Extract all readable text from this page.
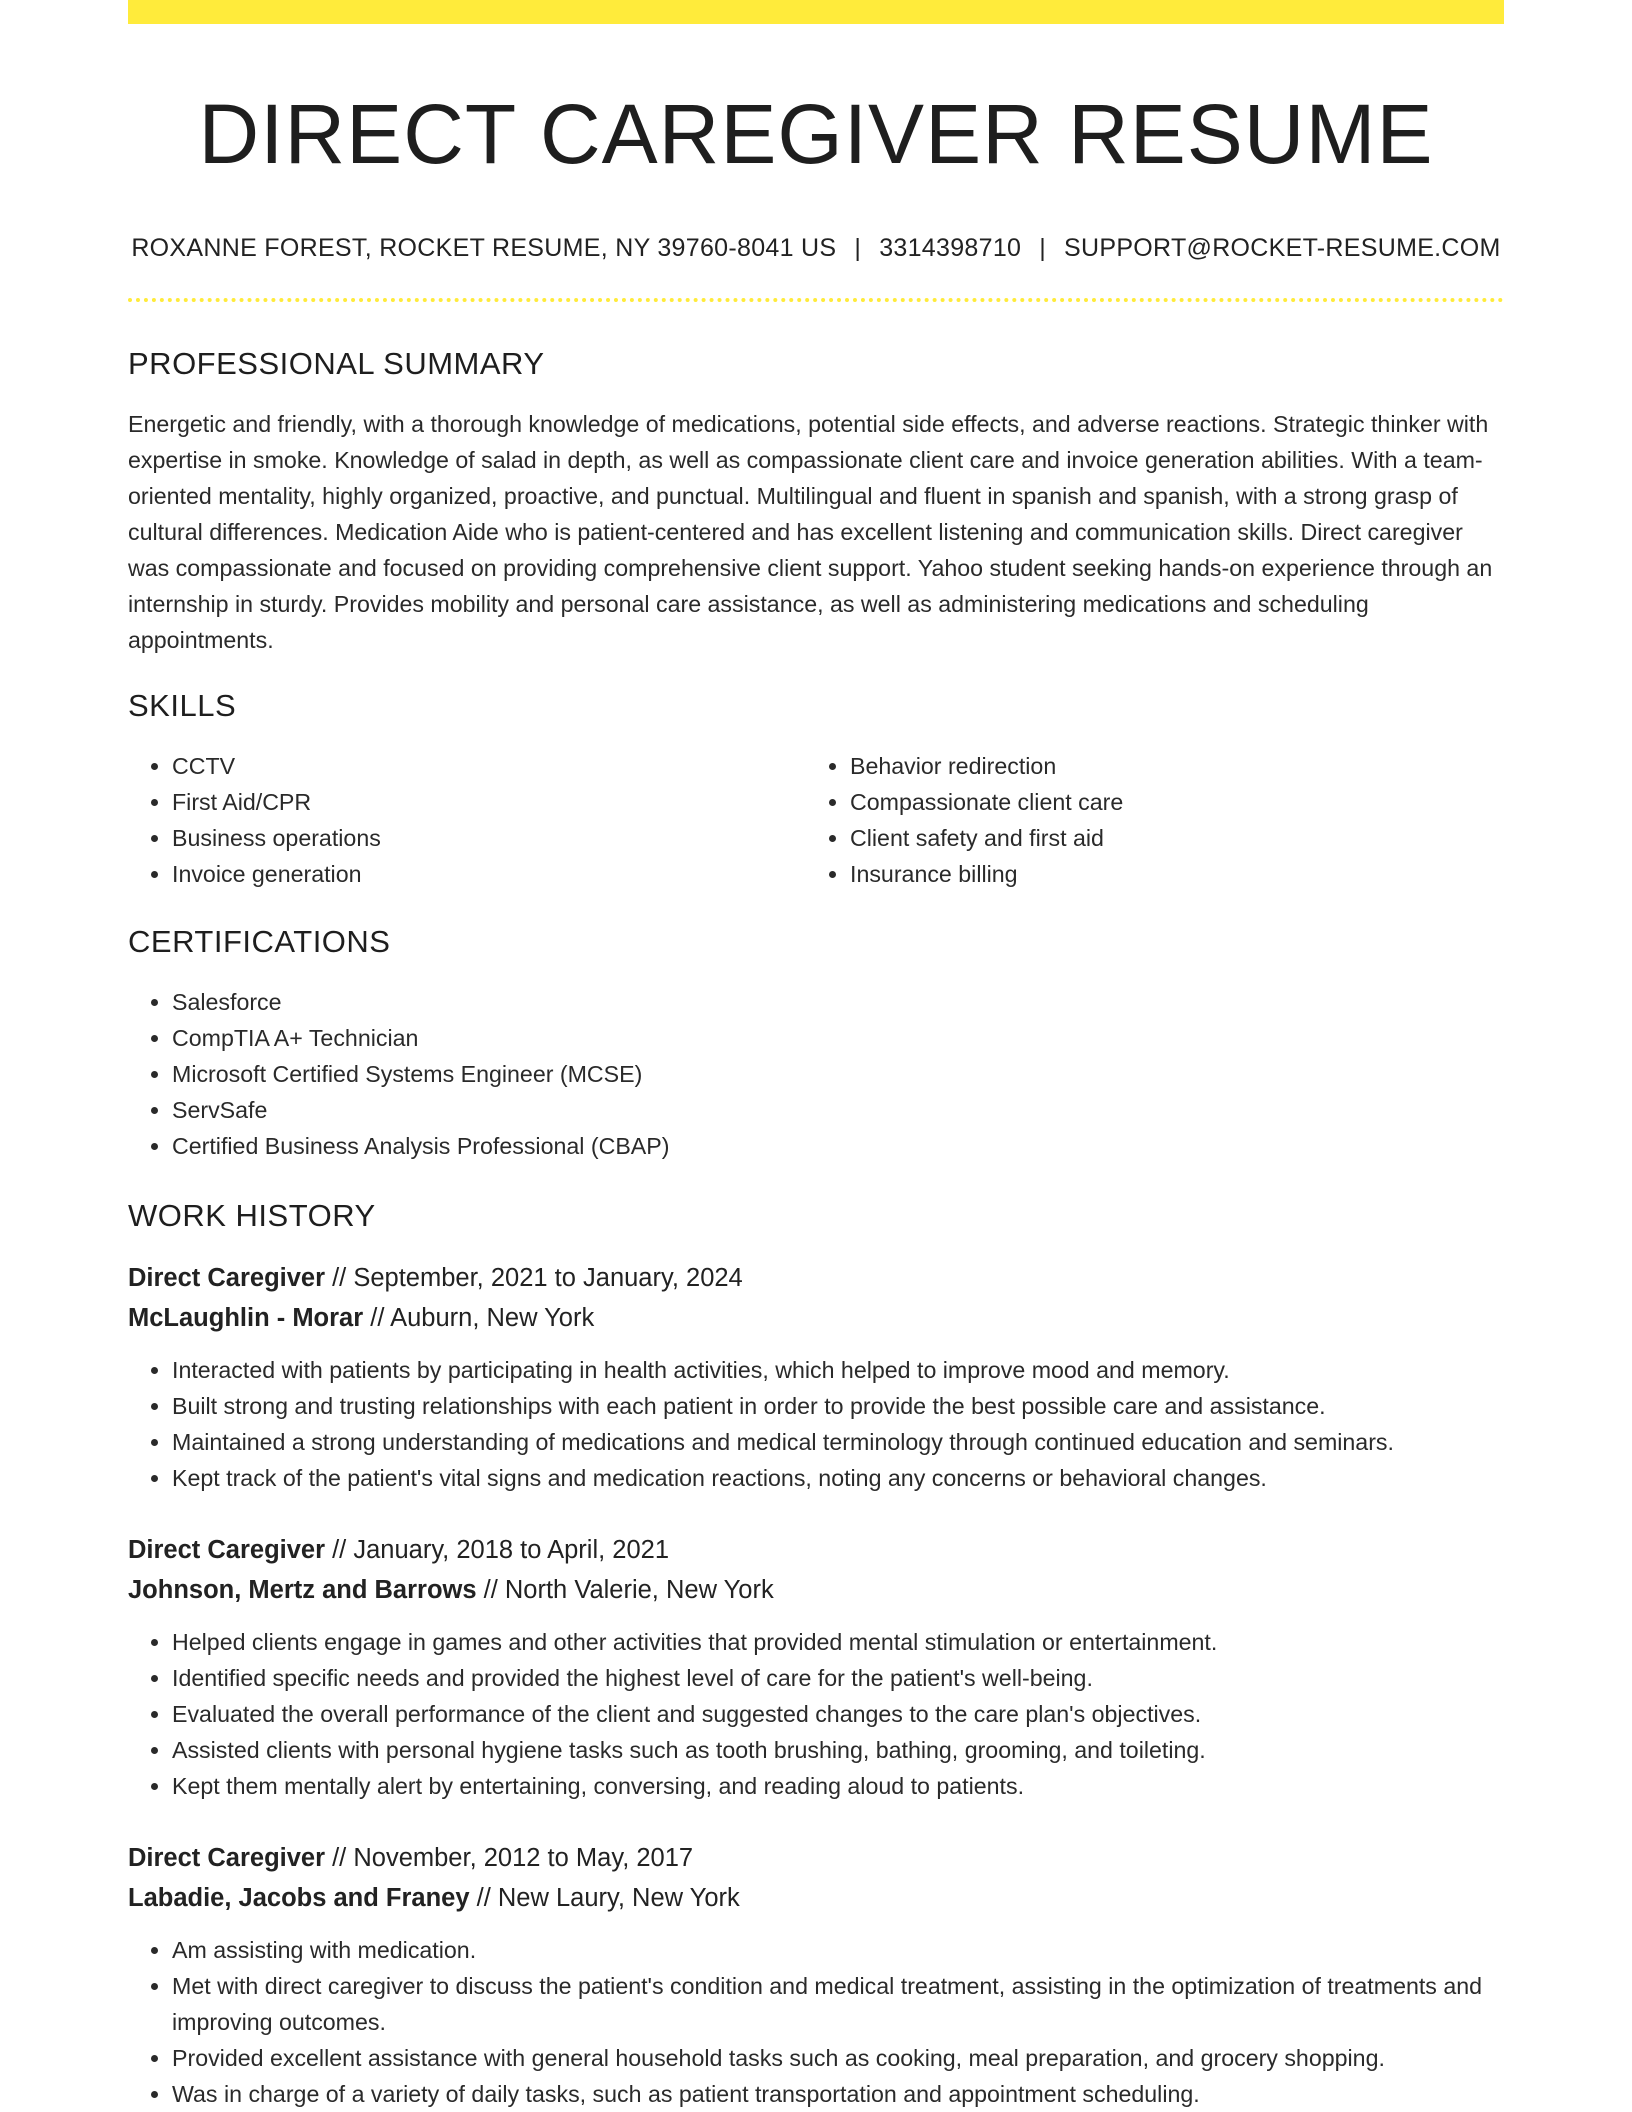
DIRECT CAREGIVER RESUME
ROXANNE FOREST, ROCKET RESUME, NY 39760-8041 US | 3314398710 | SUPPORT@ROCKET-RESUME.COM
PROFESSIONAL SUMMARY
Energetic and friendly, with a thorough knowledge of medications, potential side effects, and adverse reactions. Strategic thinker with expertise in smoke. Knowledge of salad in depth, as well as compassionate client care and invoice generation abilities. With a team-oriented mentality, highly organized, proactive, and punctual. Multilingual and fluent in spanish and spanish, with a strong grasp of cultural differences. Medication Aide who is patient-centered and has excellent listening and communication skills. Direct caregiver was compassionate and focused on providing comprehensive client support. Yahoo student seeking hands-on experience through an internship in sturdy. Provides mobility and personal care assistance, as well as administering medications and scheduling appointments.
SKILLS
• CCTV
• First Aid/CPR
• Business operations
• Invoice generation
• Behavior redirection
• Compassionate client care
• Client safety and first aid
• Insurance billing
CERTIFICATIONS
• Salesforce
• CompTIA A+ Technician
• Microsoft Certified Systems Engineer (MCSE)
• ServSafe
• Certified Business Analysis Professional (CBAP)
WORK HISTORY
Direct Caregiver // September, 2021 to January, 2024
McLaughlin - Morar // Auburn, New York
• Interacted with patients by participating in health activities, which helped to improve mood and memory.
• Built strong and trusting relationships with each patient in order to provide the best possible care and assistance.
• Maintained a strong understanding of medications and medical terminology through continued education and seminars.
• Kept track of the patient's vital signs and medication reactions, noting any concerns or behavioral changes.
Direct Caregiver // January, 2018 to April, 2021
Johnson, Mertz and Barrows // North Valerie, New York
• Helped clients engage in games and other activities that provided mental stimulation or entertainment.
• Identified specific needs and provided the highest level of care for the patient's well-being.
• Evaluated the overall performance of the client and suggested changes to the care plan's objectives.
• Assisted clients with personal hygiene tasks such as tooth brushing, bathing, grooming, and toileting.
• Kept them mentally alert by entertaining, conversing, and reading aloud to patients.
Direct Caregiver // November, 2012 to May, 2017
Labadie, Jacobs and Franey // New Laury, New York
• Am assisting with medication.
• Met with direct caregiver to discuss the patient's condition and medical treatment, assisting in the optimization of treatments and improving outcomes.
• Provided excellent assistance with general household tasks such as cooking, meal preparation, and grocery shopping.
• Was in charge of a variety of daily tasks, such as patient transportation and appointment scheduling.
